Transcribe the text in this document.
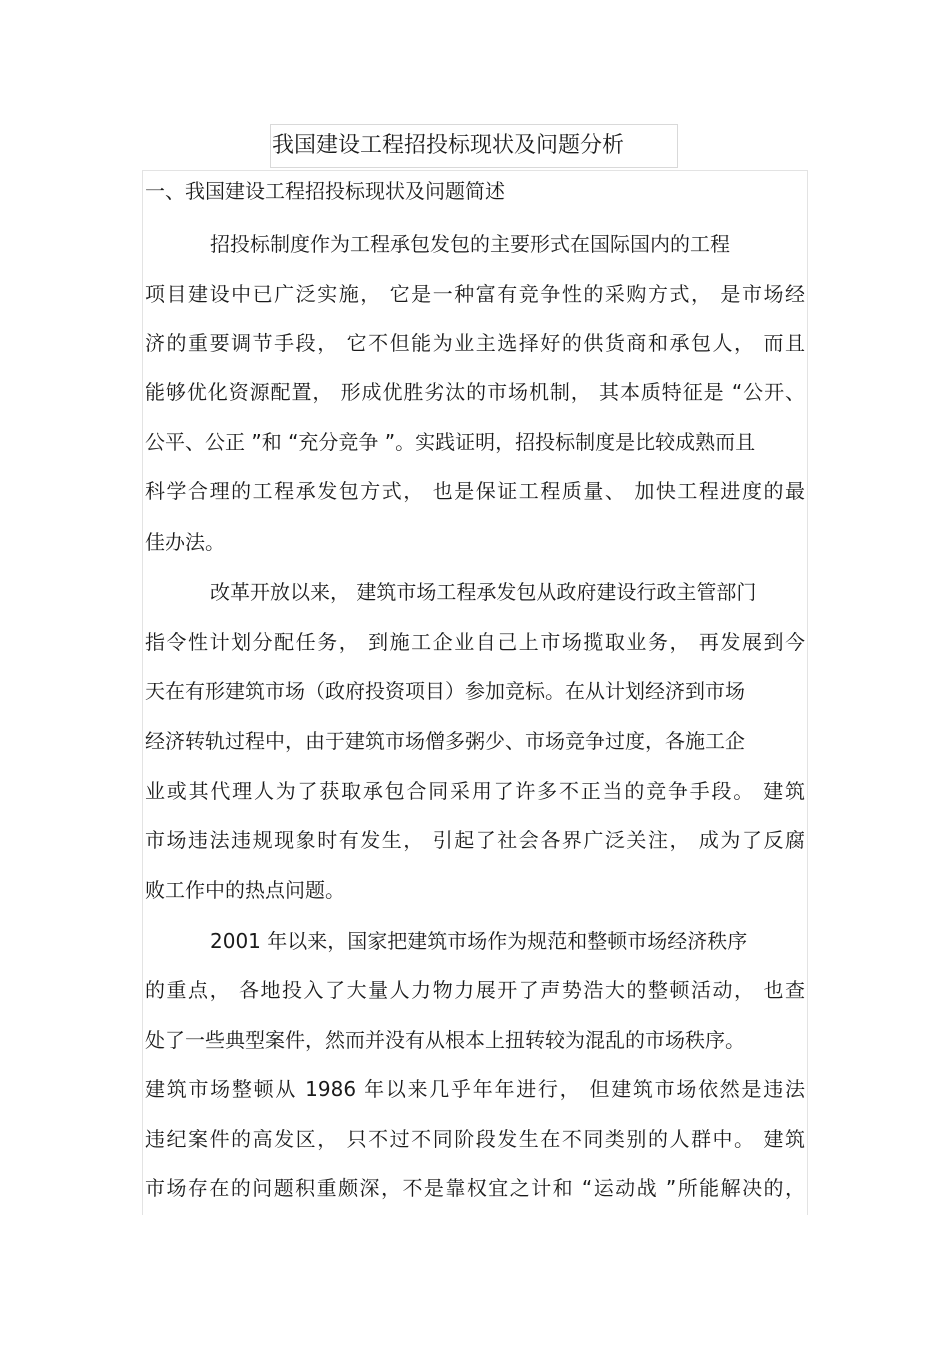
我国建设工程招投标现状及问题分析
一、我国建设工程招投标现状及问题简述
招投标制度作为工程承包发包的主要形式在国际国内的工程
项目建设中已广泛实施， 它是一种富有竞争性的采购方式， 是市场经
济的重要调节手段， 它不但能为业主选择好的供货商和承包人， 而且
能够优化资源配置， 形成优胜劣汰的市场机制， 其本质特征是 “公开、
公平、公正 ”和 “充分竞争 ”。实践证明，招投标制度是比较成熟而且
科学合理的工程承发包方式， 也是保证工程质量、 加快工程进度的最
佳办法。
改革开放以来， 建筑市场工程承发包从政府建设行政主管部门
指令性计划分配任务， 到施工企业自己上市场揽取业务， 再发展到今
天在有形建筑市场（政府投资项目）参加竞标。在从计划经济到市场
经济转轨过程中，由于建筑市场僧多粥少、市场竞争过度，各施工企
业或其代理人为了获取承包合同采用了许多不正当的竞争手段。 建筑
市场违法违规现象时有发生， 引起了社会各界广泛关注， 成为了反腐
败工作中的热点问题。
2001 年以来，国家把建筑市场作为规范和整顿市场经济秩序
的重点， 各地投入了大量人力物力展开了声势浩大的整顿活动， 也查
处了一些典型案件，然而并没有从根本上扭转较为混乱的市场秩序。
建筑市场整顿从 1986 年以来几乎年年进行， 但建筑市场依然是违法
违纪案件的高发区， 只不过不同阶段发生在不同类别的人群中。 建筑
市场存在的问题积重颇深，不是靠权宜之计和 “运动战 ”所能解决的，
